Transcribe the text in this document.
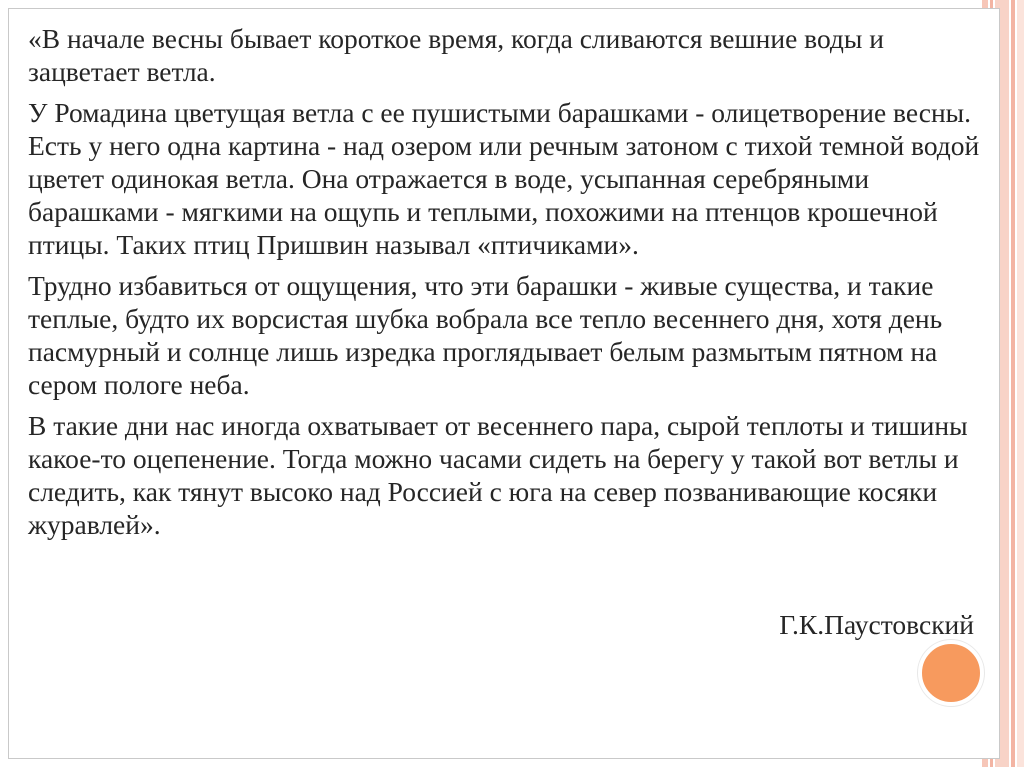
«В начале весны бывает короткое время, когда сливаются вешние воды и зацветает ветла.

У Ромадина цветущая ветла с ее пушистыми барашками - олицетворение весны. Есть у него одна картина - над озером или речным затоном с тихой темной водой цветет одинокая ветла. Она отражается в воде, усыпанная серебряными барашками - мягкими на ощупь и теплыми, похожими на птенцов крошечной птицы. Таких птиц Пришвин называл «птичиками».

Трудно избавиться от ощущения, что эти барашки - живые существа, и такие теплые, будто их ворсистая шубка вобрала все тепло весеннего дня, хотя день пасмурный и солнце лишь изредка проглядывает белым размытым пятном на сером пологе неба.

В такие дни нас иногда охватывает от весеннего пара, сырой теплоты и тишины какое-то оцепенение. Тогда можно часами сидеть на берегу у такой вот ветлы и следить, как тянут высоко над Россией с юга на север позванивающие косяки журавлей».

Г.К.Паустовский
